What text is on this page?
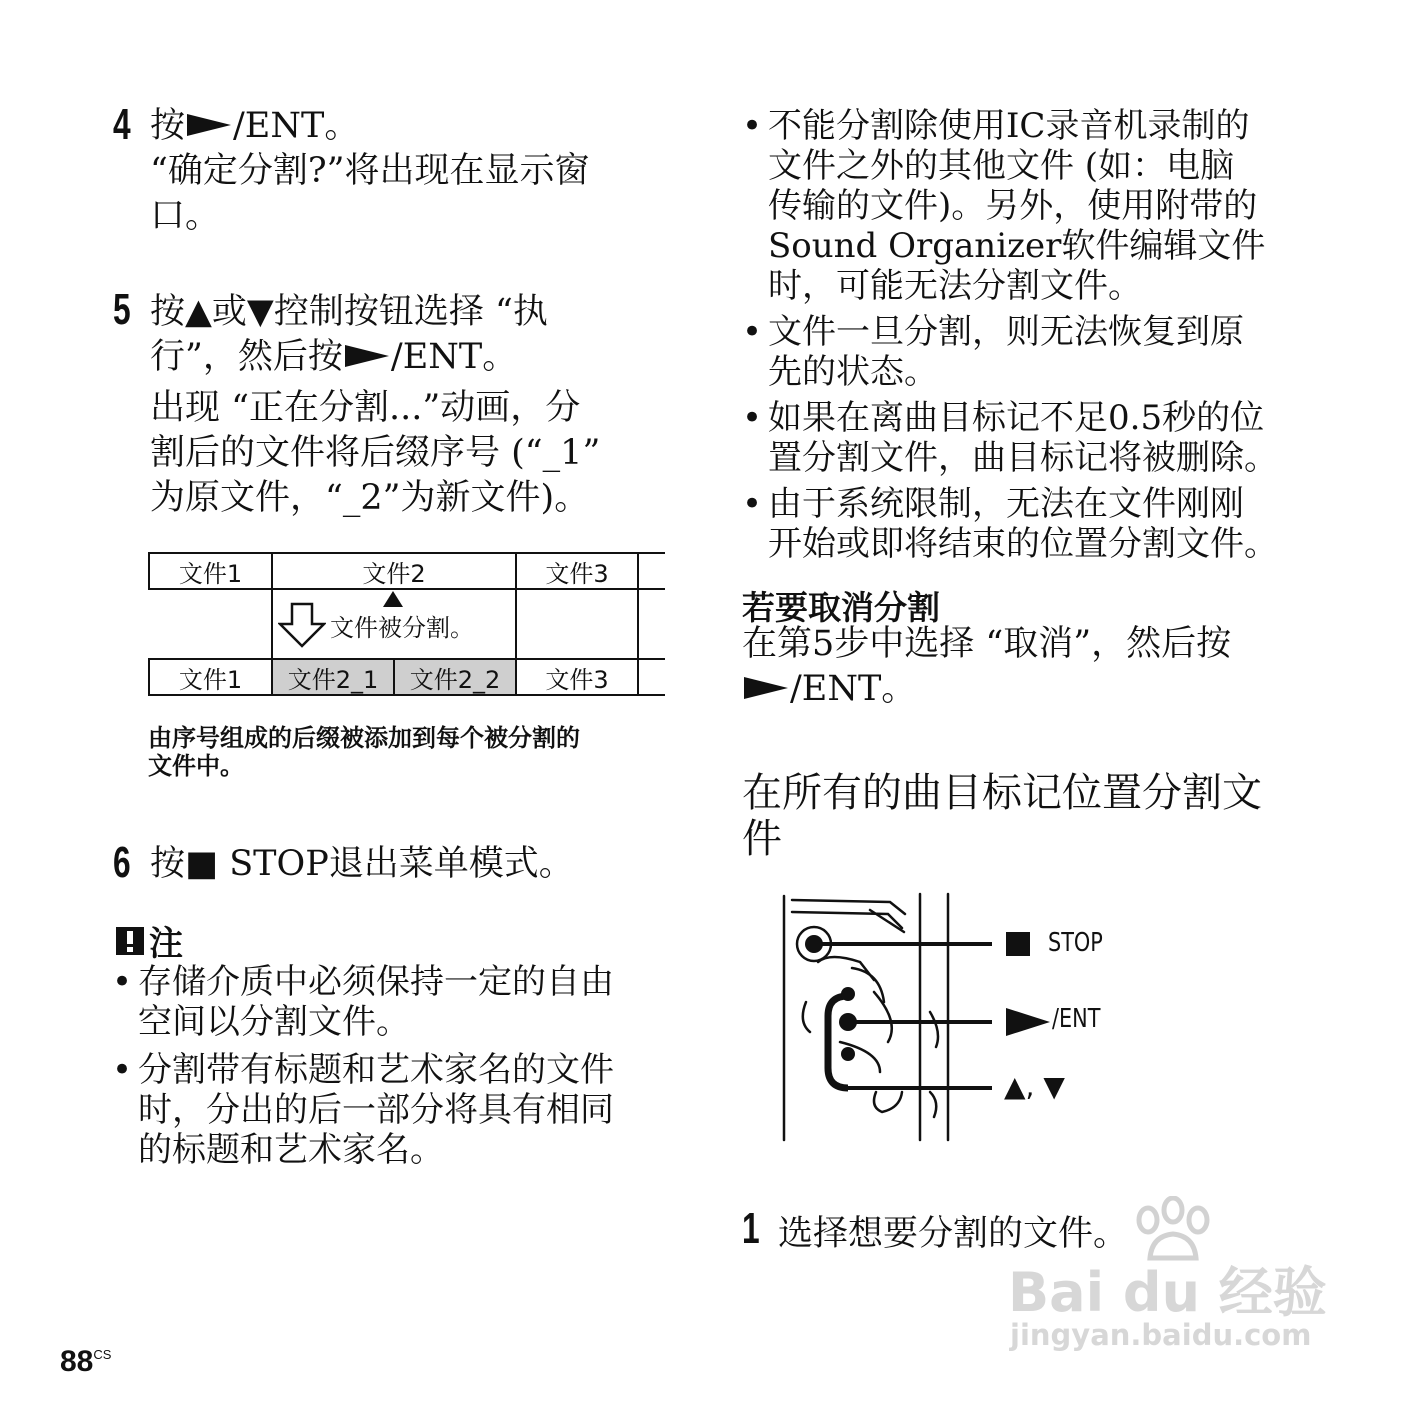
4 按 /ENT。
“确定分割?”将出现在显示窗
口。
5 按▲或▼控制按钮选择 “执
行”，然后按 /ENT。
出现 “正在分割...”动画，分
割后的文件将后缀序号 (“_1”
为原文件，“_2”为新文件)。
文件1	文件2	文件3
文件被分割。
文件1	文件2_1	文件2_2	文件3
由序号组成的后缀被添加到每个被分割的
文件中。
6 按■ STOP退出菜单模式。
注
• 存储介质中必须保持一定的自由
空间以分割文件。
• 分割带有标题和艺术家名的文件
时，分出的后一部分将具有相同
的标题和艺术家名。
$88^{CS}$
• 不能分割除使用IC录音机录制的
文件之外的其他文件 (如：电脑
传输的文件)。另外，使用附带的
Sound Organizer软件编辑文件
时，可能无法分割文件。
• 文件一旦分割，则无法恢复到原
先的状态。
• 如果在离曲目标记不足0.5秒的位
置分割文件，曲目标记将被删除。
• 由于系统限制，无法在文件刚刚
开始或即将结束的位置分割文件。
若要取消分割
在第5步中选择 “取消”，然后按
/ENT。
在所有的曲目标记位置分割文
件
STOP
/ENT
▲, ▼
1 选择想要分割的文件。
Bai du 经验
jingyan.baidu.com
